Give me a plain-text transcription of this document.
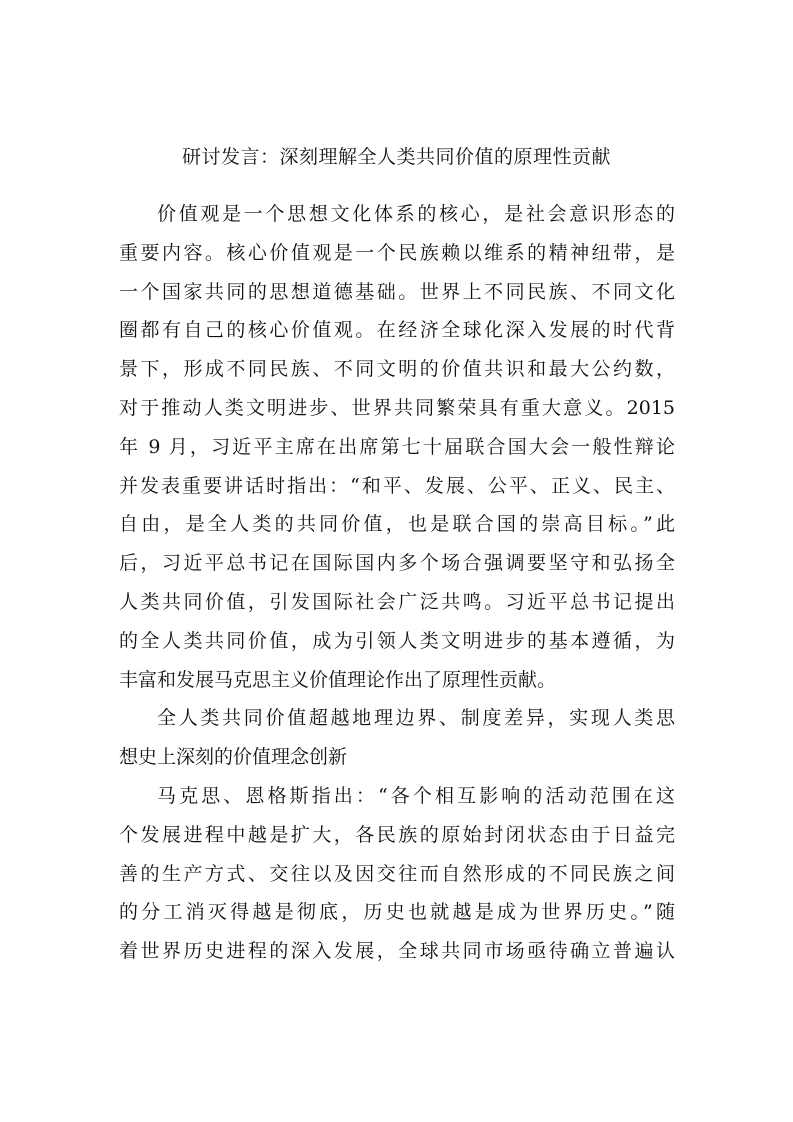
研讨发言：深刻理解全人类共同价值的原理性贡献
价值观是一个思想文化体系的核心，是社会意识形态的
重要内容。核心价值观是一个民族赖以维系的精神纽带，是
一个国家共同的思想道德基础。世界上不同民族、不同文化
圈都有自己的核心价值观。在经济全球化深入发展的时代背
景下，形成不同民族、不同文明的价值共识和最大公约数，
对于推动人类文明进步、世界共同繁荣具有重大意义。2015
年 9 月，习近平主席在出席第七十届联合国大会一般性辩论
并发表重要讲话时指出：“和平、发展、公平、正义、民主、
自由，是全人类的共同价值，也是联合国的崇高目标。”此
后，习近平总书记在国际国内多个场合强调要坚守和弘扬全
人类共同价值，引发国际社会广泛共鸣。习近平总书记提出
的全人类共同价值，成为引领人类文明进步的基本遵循，为
丰富和发展马克思主义价值理论作出了原理性贡献。
全人类共同价值超越地理边界、制度差异，实现人类思
想史上深刻的价值理念创新
马克思、恩格斯指出：“各个相互影响的活动范围在这
个发展进程中越是扩大，各民族的原始封闭状态由于日益完
善的生产方式、交往以及因交往而自然形成的不同民族之间
的分工消灭得越是彻底，历史也就越是成为世界历史。”随
着世界历史进程的深入发展，全球共同市场亟待确立普遍认
